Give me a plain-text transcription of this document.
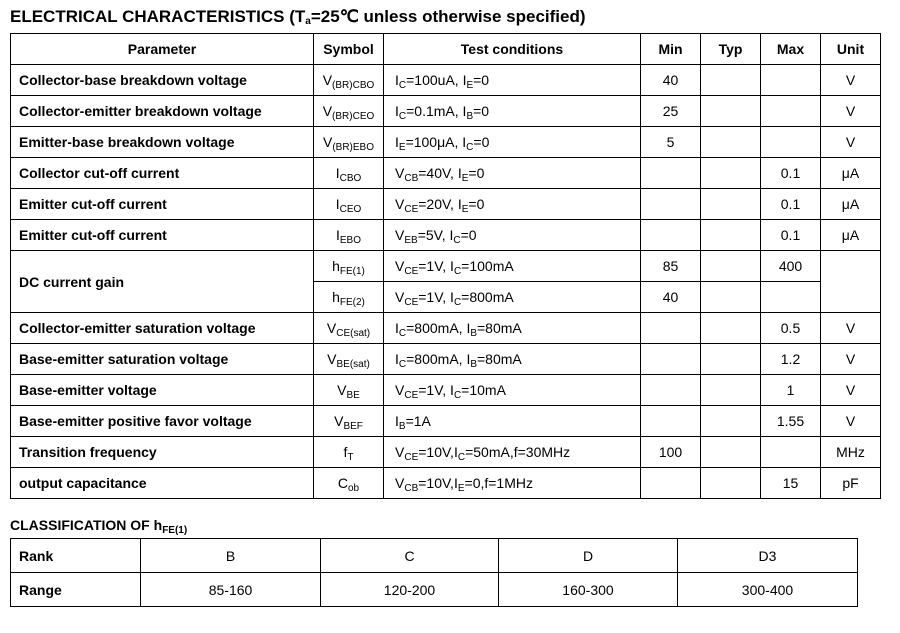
ELECTRICAL CHARACTERISTICS ($T_a=25℃$ unless otherwise specified)
Parameter	Symbol	Test conditions	Min	Typ	Max	Unit
Collector-base breakdown voltage	$V_{(BR)CBO}$	$I_C=100uA$, $I_E=0$	40			V
Collector-emitter breakdown voltage	$V_{(BR)CEO}$	$I_C=0.1mA$, $I_B=0$	25			V
Emitter-base breakdown voltage	$V_{(BR)EBO}$	$I_E=100\mu A$, $I_C=0$	5			V
Collector cut-off current	$I_{CBO}$	$V_{CB}=40V$, $I_E=0$			0.1	μA
Emitter cut-off current	$I_{CEO}$	$V_{CE}=20V$, $I_E=0$			0.1	μA
Emitter cut-off current	$I_{EBO}$	$V_{EB}=5V$, $I_C=0$			0.1	μA
DC current gain	$h_{FE(1)}$	$V_{CE}=1V$, $I_C=100mA$	85		400	
	$h_{FE(2)}$	$V_{CE}=1V$, $I_C=800mA$	40			
Collector-emitter saturation voltage	$V_{CE(sat)}$	$I_C=800mA$, $I_B=80mA$			0.5	V
Base-emitter saturation voltage	$V_{BE(sat)}$	$I_C=800mA$, $I_B=80mA$			1.2	V
Base-emitter voltage	$V_{BE}$	$V_{CE}=1V$, $I_C=10mA$			1	V
Base-emitter positive favor voltage	$V_{BEF}$	$I_B=1A$			1.55	V
Transition frequency	$f_T$	$V_{CE}=10V,I_C=50mA,f=30MHz$	100			MHz
output capacitance	$C_{ob}$	$V_{CB}=10V,I_E=0,f=1MHz$			15	pF
CLASSIFICATION OF $h_{FE(1)}$
Rank	B	C	D	D3
Range	85-160	120-200	160-300	300-400
